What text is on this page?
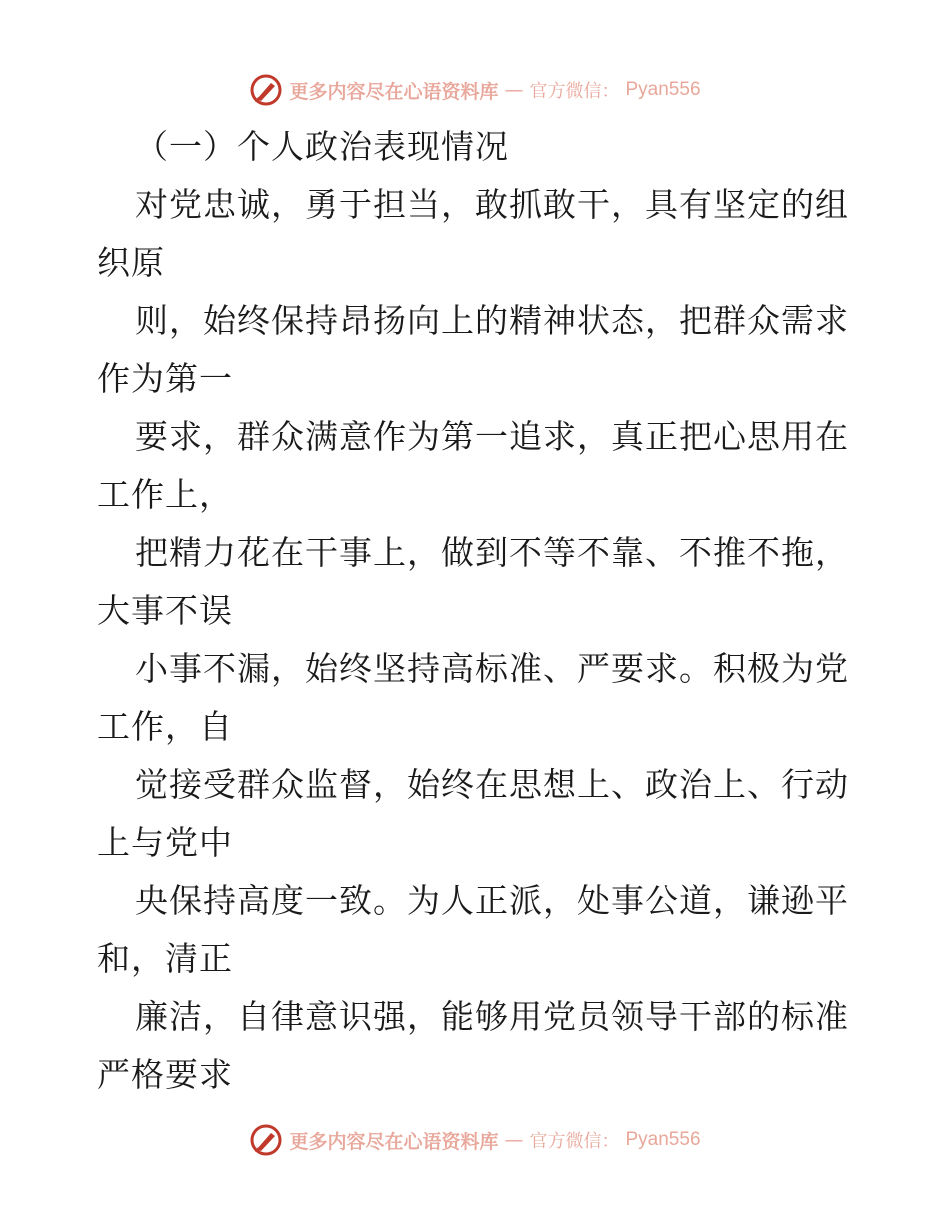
更多内容尽在心语资料库 — 官方微信： Pyan556
（一）个人政治表现情况
对党忠诚，勇于担当，敢抓敢干，具有坚定的组
织原
则，始终保持昂扬向上的精神状态，把群众需求
作为第一
要求，群众满意作为第一追求，真正把心思用在
工作上，
把精力花在干事上，做到不等不靠、不推不拖，
大事不误
小事不漏，始终坚持高标准、严要求。积极为党
工作，自
觉接受群众监督，始终在思想上、政治上、行动
上与党中
央保持高度一致。为人正派，处事公道，谦逊平
和，清正
廉洁，自律意识强，能够用党员领导干部的标准
严格要求
更多内容尽在心语资料库 — 官方微信： Pyan556
